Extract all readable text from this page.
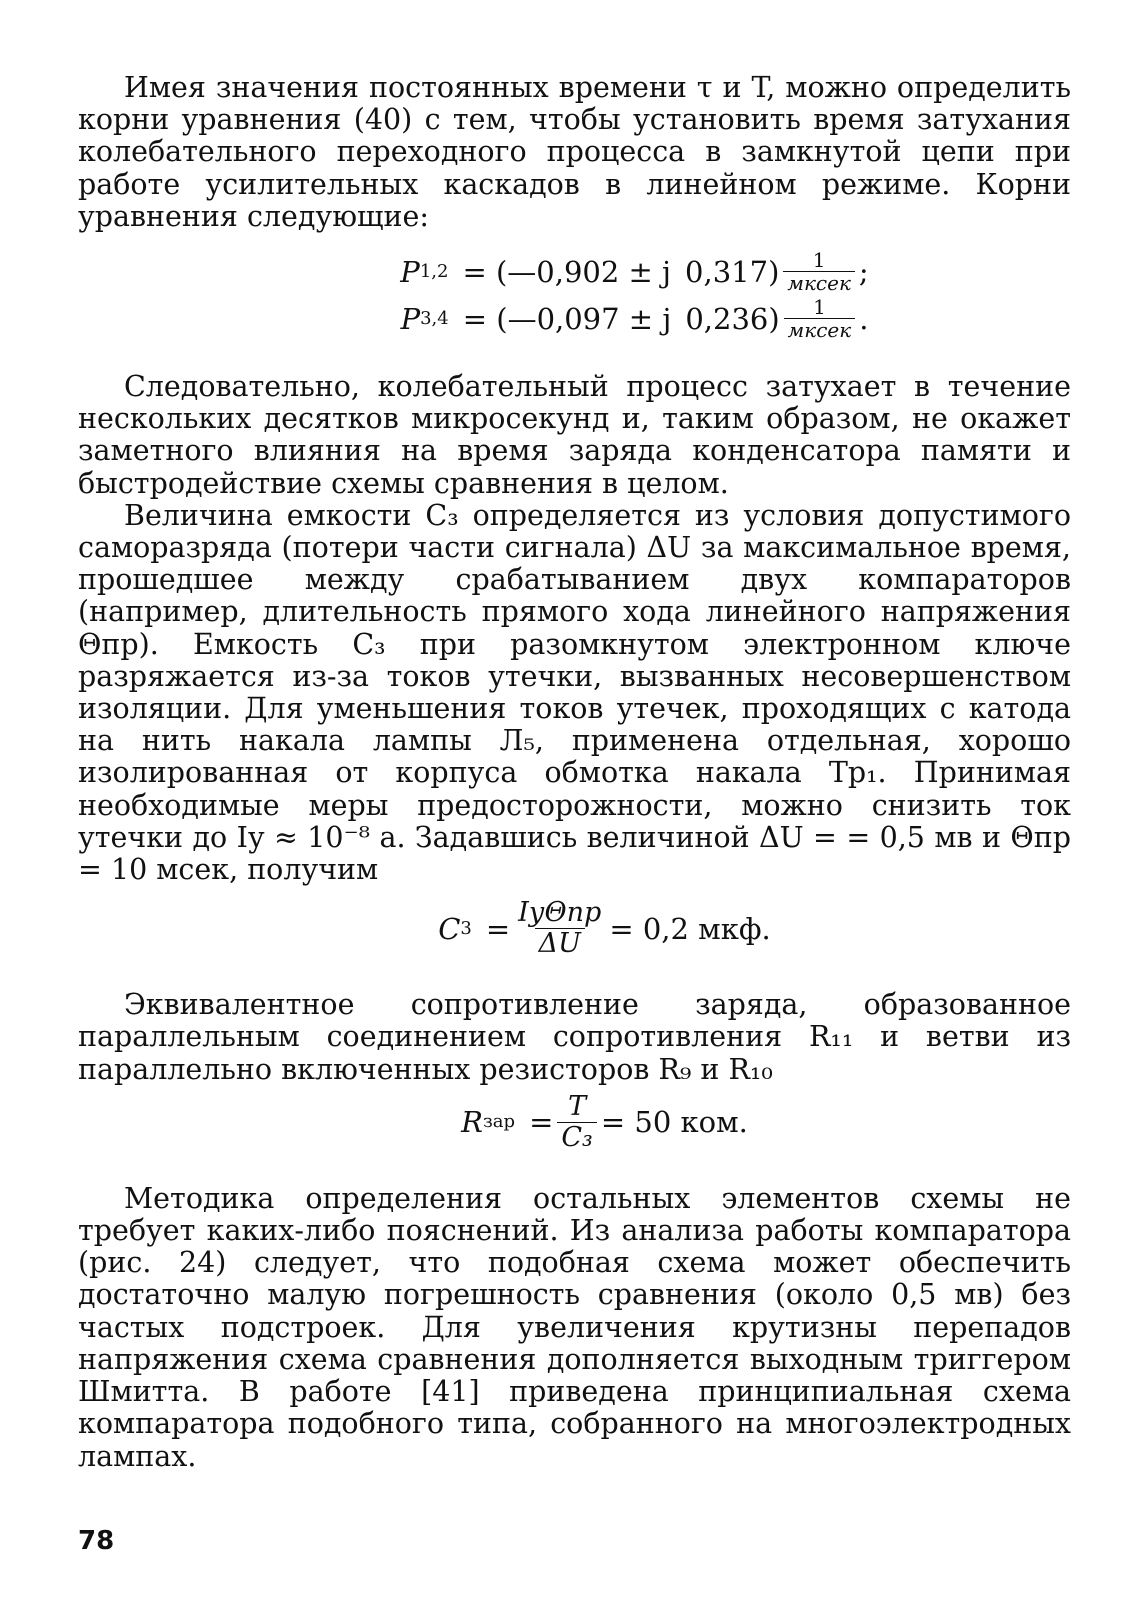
Имея значения постоянных времени τ и T, можно определить корни уравнения (40) с тем, чтобы установить время затухания колебательного переходного процесса в замкнутой цепи при работе усилительных каскадов в линейном режиме. Корни уравнения следующие:

P 1,2 = (—0,902 ± j $0,317) \frac{1}{\text{мксек}}$ ;
P 3,4 = (—0,097 ± j $0,236) \frac{1}{\text{мксек}}$ .

Следовательно, колебательный процесс затухает в течение нескольких десятков микросекунд и, таким образом, не окажет заметного влияния на время заряда конденсатора памяти и быстродействие схемы сравнения в целом.

Величина емкости C₃ определяется из условия допустимого саморазряда (потери части сигнала) ΔU за максимальное время, прошедшее между срабатыванием двух компараторов (например, длительность прямого хода линейного напряжения Θпр). Емкость C₃ при разомкнутом электронном ключе разряжается из-за токов утечки, вызванных несовершенством изоляции. Для уменьшения токов утечек, проходящих с катода на нить накала лампы Л₅, применена отдельная, хорошо изолированная от корпуса обмотка накала Tp₁. Принимая необходимые меры предосторожности, можно снизить ток утечки до Iу ≈ 10⁻⁸ а. Задавшись величиной ΔU = = 0,5 мв и Θпр = 10 мсек, получим

C $3 = \frac{\text{IуΘпр}}{\Delta U} = 0,2$ мкф.

Эквивалентное сопротивление заряда, образованное параллельным соединением сопротивления R₁₁ и ветви из параллельно включенных резисторов R₉ и R₁₀

R зар = $\frac{T}{\text{C₃}} = 50$ ком.

Методика определения остальных элементов схемы не требует каких-либо пояснений. Из анализа работы компаратора (рис. 24) следует, что подобная схема может обеспечить достаточно малую погрешность сравнения (около 0,5 мв) без частых подстроек. Для увеличения крутизны перепадов напряжения схема сравнения дополняется выходным триггером Шмитта. В работе [41] приведена принципиальная схема компаратора подобного типа, собранного на многоэлектродных лампах.

78
